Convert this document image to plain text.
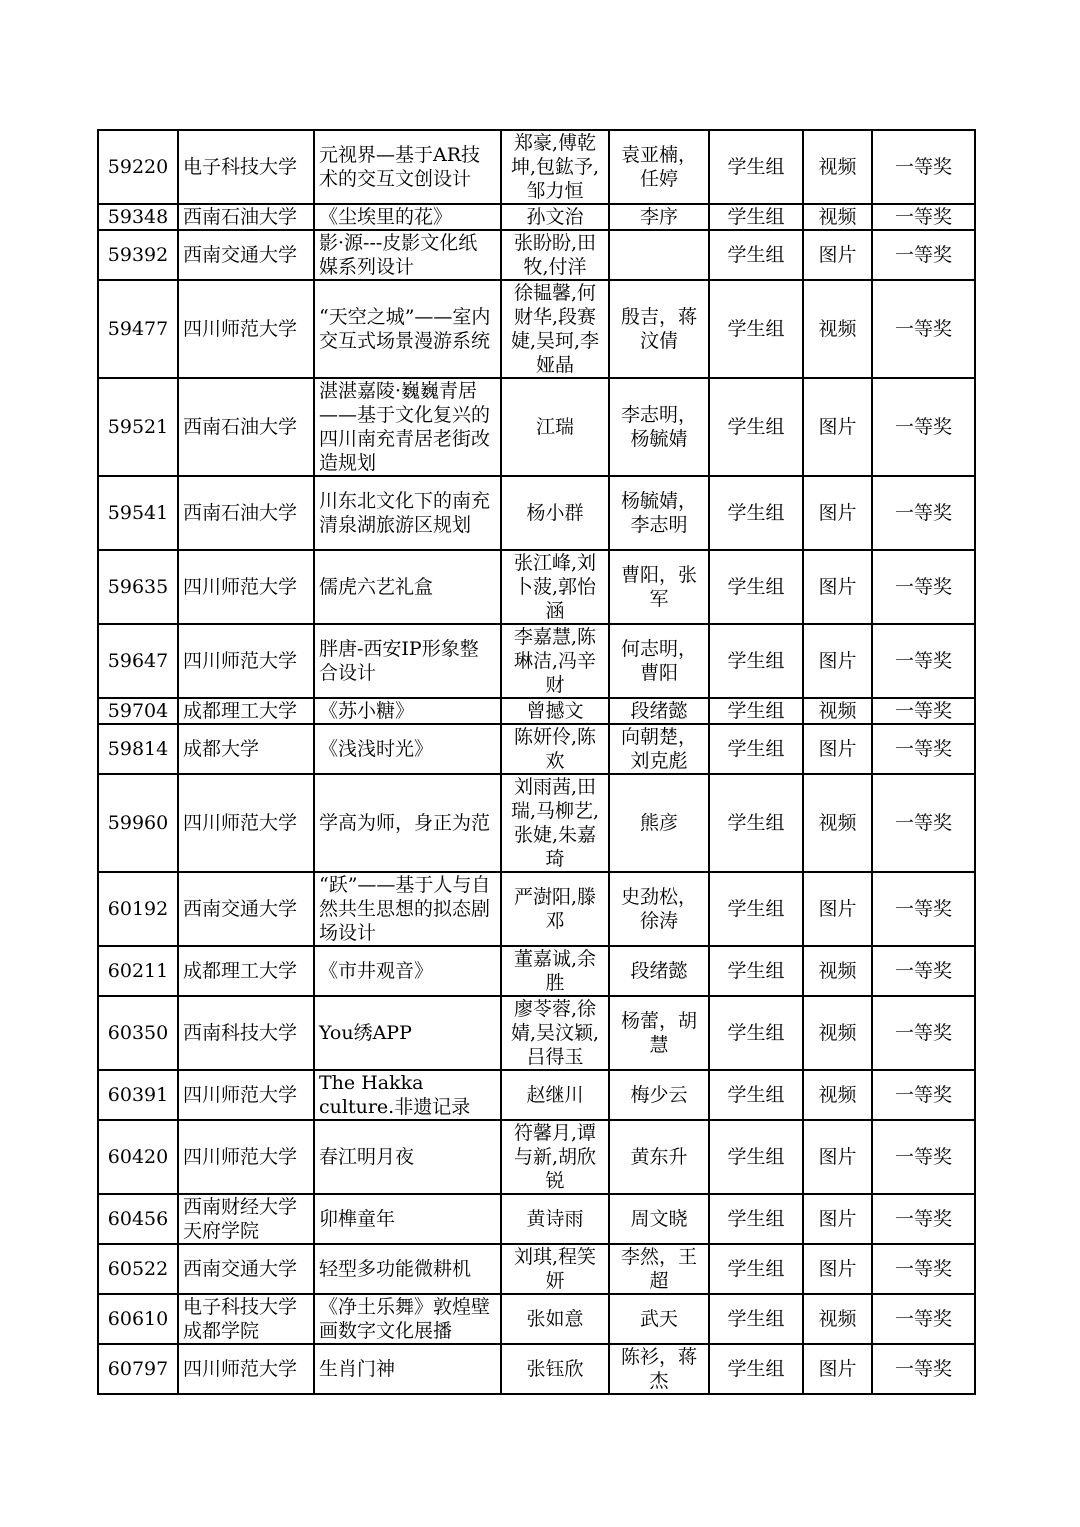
59220	电子科技大学	元视界—基于AR技术的交互文创设计	郑豪,傅乾坤,包鈜予,邹力恒	袁亚楠，任婷	学生组	视频	一等奖
59348	西南石油大学	《尘埃里的花》	孙文治	李序	学生组	视频	一等奖
59392	西南交通大学	影·源---皮影文化纸媒系列设计	张盼盼,田牧,付洋		学生组	图片	一等奖
59477	四川师范大学	“天空之城”——室内交互式场景漫游系统	徐韫馨,何财华,段赛婕,吴珂,李娅晶	殷吉，蒋汶倩	学生组	视频	一等奖
59521	西南石油大学	湛湛嘉陵·巍巍青居——基于文化复兴的四川南充青居老街改造规划	江瑞	李志明，杨毓婧	学生组	图片	一等奖
59541	西南石油大学	川东北文化下的南充清泉湖旅游区规划	杨小群	杨毓婧，李志明	学生组	图片	一等奖
59635	四川师范大学	儒虎六艺礼盒	张江峰,刘卜菠,郭怡涵	曹阳，张军	学生组	图片	一等奖
59647	四川师范大学	胖唐-西安IP形象整合设计	李嘉慧,陈琳洁,冯辛财	何志明，曹阳	学生组	图片	一等奖
59704	成都理工大学	《苏小糖》	曾撼文	段绪懿	学生组	视频	一等奖
59814	成都大学	《浅浅时光》	陈妍伶,陈欢	向朝楚，刘克彪	学生组	图片	一等奖
59960	四川师范大学	学高为师，身正为范	刘雨茜,田瑞,马柳艺,张婕,朱嘉琦	熊彦	学生组	视频	一等奖
60192	西南交通大学	“跃”——基于人与自然共生思想的拟态剧场设计	严澍阳,滕邓	史劲松，徐涛	学生组	图片	一等奖
60211	成都理工大学	《市井观音》	董嘉诚,余胜	段绪懿	学生组	视频	一等奖
60350	西南科技大学	You绣APP	廖苓蓉,徐婧,吴汶颖,吕得玉	杨蕾，胡慧	学生组	视频	一等奖
60391	四川师范大学	The Hakka culture.非遗记录	赵继川	梅少云	学生组	视频	一等奖
60420	四川师范大学	春江明月夜	符馨月,谭与新,胡欣锐	黄东升	学生组	图片	一等奖
60456	西南财经大学天府学院	卯榫童年	黄诗雨	周文晓	学生组	图片	一等奖
60522	西南交通大学	轻型多功能微耕机	刘琪,程笑妍	李然，王超	学生组	图片	一等奖
60610	电子科技大学成都学院	《净土乐舞》敦煌壁画数字文化展播	张如意	武天	学生组	视频	一等奖
60797	四川师范大学	生肖门神	张钰欣	陈衫，蒋杰	学生组	图片	一等奖
